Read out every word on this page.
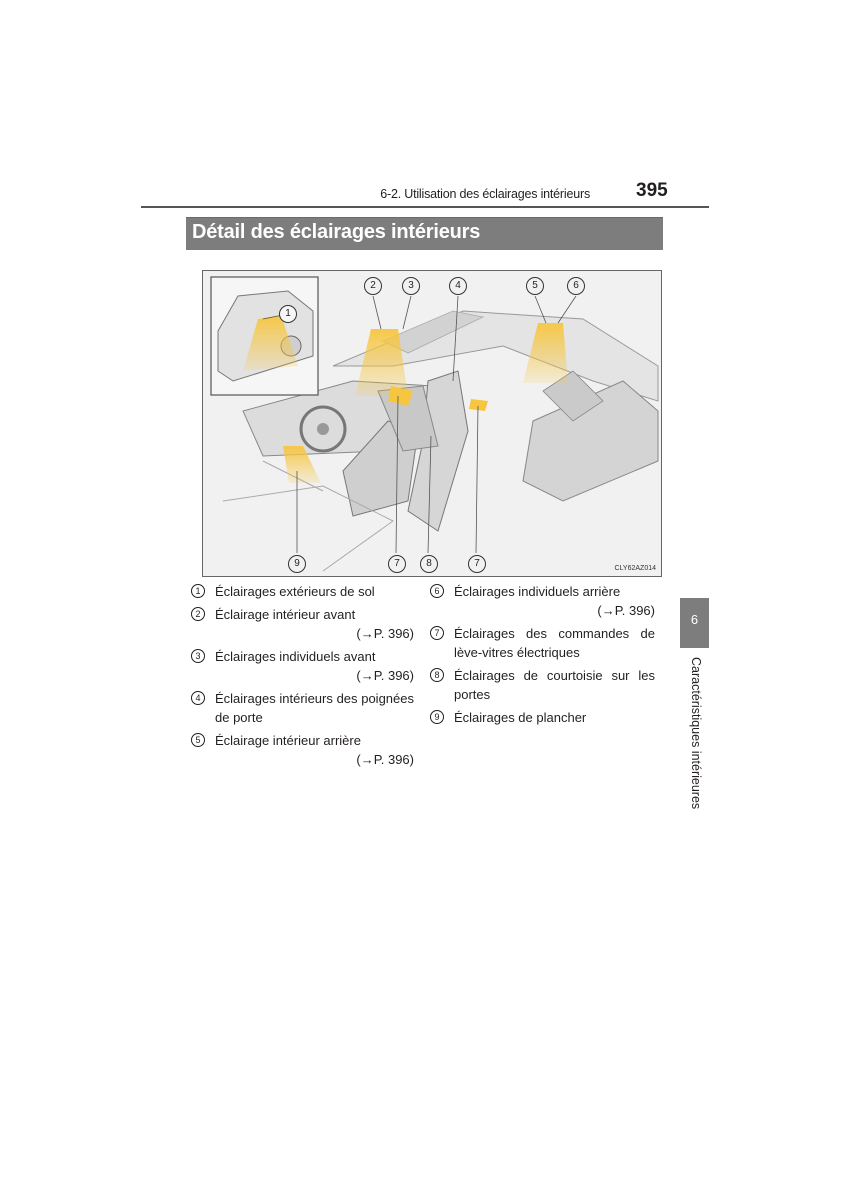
6-2. Utilisation des éclairages intérieurs 395
Détail des éclairages intérieurs
2	3	4	5	6
1
9	7	8	7	CLY62AZ014
1	Éclairages extérieurs de sol
2	Éclairage intérieur avant
(→P. 396)
3	Éclairages individuels avant
(→P. 396)
4	Éclairages intérieurs des poignées de porte
5	Éclairage intérieur arrière
(→P. 396)
6	Éclairages individuels arrière
(→P. 396)
7	Éclairages des commandes de lève-vitres électriques
8	Éclairages de courtoisie sur les portes
9	Éclairages de plancher
6
Caractéristiques intérieures
